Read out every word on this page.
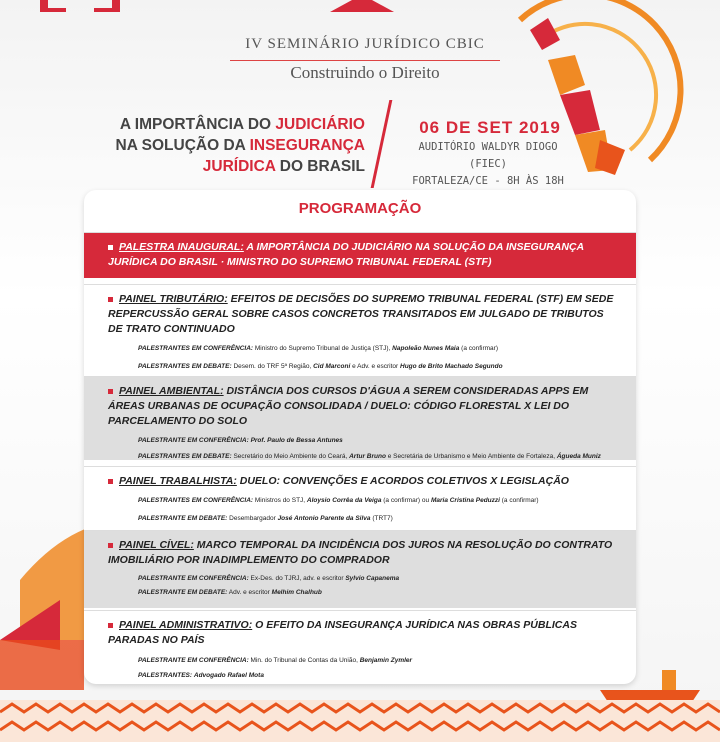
IV SEMINÁRIO JURÍDICO CBIC
Construindo o Direito
A IMPORTÂNCIA DO JUDICIÁRIO
NA SOLUÇÃO DA INSEGURANÇA
JURÍDICA DO BRASIL
06 DE SET 2019
AUDITÓRIO WALDYR DIOGO (FIEC)
FORTALEZA/CE - 8H ÀS 18H
PROGRAMAÇÃO
PALESTRA INAUGURAL: A IMPORTÂNCIA DO JUDICIÁRIO NA SOLUÇÃO DA INSEGURANÇA JURÍDICA DO BRASIL · MINISTRO DO SUPREMO TRIBUNAL FEDERAL (STF)
PAINEL TRIBUTÁRIO: EFEITOS DE DECISÕES DO SUPREMO TRIBUNAL FEDERAL (STF) EM SEDE REPERCUSSÃO GERAL SOBRE CASOS CONCRETOS TRANSITADOS EM JULGADO DE TRIBUTOS DE TRATO CONTINUADO
PALESTRANTES EM CONFERÊNCIA: Ministro do Supremo Tribunal de Justiça (STJ), Napoleão Nunes Maia (a confirmar)
PALESTRANTES EM DEBATE: Desem. do TRF 5ª Região, Cid Marconi e Adv. e escritor Hugo de Brito Machado Segundo
PAINEL AMBIENTAL: DISTÂNCIA DOS CURSOS D'ÁGUA A SEREM CONSIDERADAS APPS EM ÁREAS URBANAS DE OCUPAÇÃO CONSOLIDADA / DUELO: CÓDIGO FLORESTAL X LEI DO PARCELAMENTO DO SOLO
PALESTRANTE EM CONFERÊNCIA: Prof. Paulo de Bessa Antunes
PALESTRANTES EM DEBATE: Secretário do Meio Ambiente do Ceará, Artur Bruno e Secretária de Urbanismo e Meio Ambiente de Fortaleza, Águeda Muniz
PAINEL TRABALHISTA: DUELO: CONVENÇÕES E ACORDOS COLETIVOS X LEGISLAÇÃO
PALESTRANTES EM CONFERÊNCIA: Ministros do STJ, Aloysio Corrêa da Veiga (a confirmar) ou Maria Cristina Peduzzi (a confirmar)
PALESTRANTE EM DEBATE: Desembargador José Antonio Parente da Silva (TRT7)
PAINEL CÍVEL: MARCO TEMPORAL DA INCIDÊNCIA DOS JUROS NA RESOLUÇÃO DO CONTRATO IMOBILIÁRIO POR INADIMPLEMENTO DO COMPRADOR
PALESTRANTE EM CONFERÊNCIA: Ex-Des. do TJRJ, adv. e escritor Sylvio Capanema
PALESTRANTE EM DEBATE: Adv. e escritor Melhim Chalhub
PAINEL ADMINISTRATIVO: O EFEITO DA INSEGURANÇA JURÍDICA NAS OBRAS PÚBLICAS PARADAS NO PAÍS
PALESTRANTE EM CONFERÊNCIA: Min. do Tribunal de Contas da União, Benjamin Zymler
PALESTRANTES: Advogado Rafael Mota
